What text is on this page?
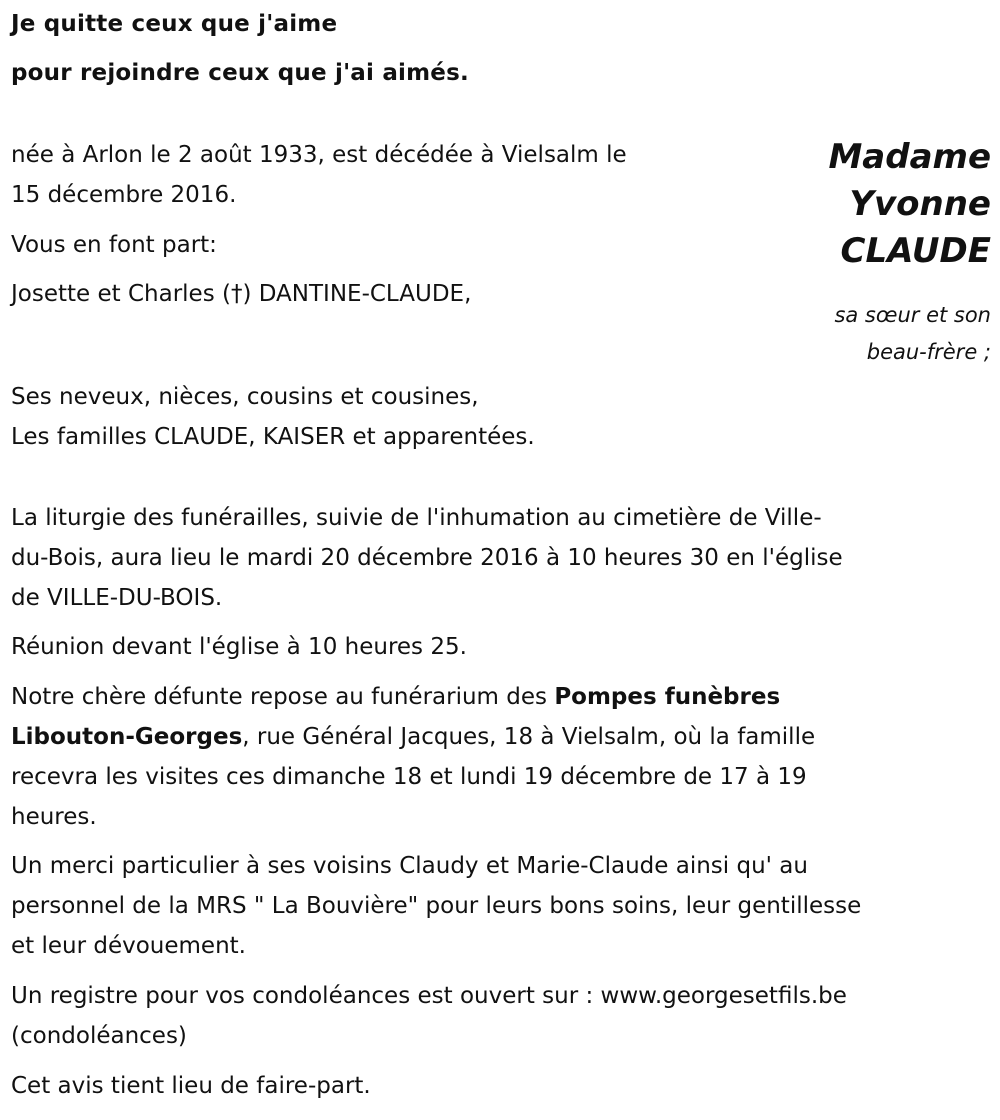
Je quitte ceux que j'aime
pour rejoindre ceux que j'ai aimés.
Madame
Yvonne
CLAUDE
née à Arlon le 2 août 1933, est décédée à Vielsalm le
15 décembre 2016.
Vous en font part:
Josette et Charles (†) DANTINE-CLAUDE,
sa sœur et son
beau-frère ;
Ses neveux, nièces, cousins et cousines,
Les familles CLAUDE, KAISER et apparentées.
La liturgie des funérailles, suivie de l'inhumation au cimetière de Ville-
du-Bois, aura lieu le mardi 20 décembre 2016 à 10 heures 30 en l'église
de VILLE-DU-BOIS.
Réunion devant l'église à 10 heures 25.
Notre chère défunte repose au funérarium des Pompes funèbres
Libouton-Georges, rue Général Jacques, 18 à Vielsalm, où la famille
recevra les visites ces dimanche 18 et lundi 19 décembre de 17 à 19
heures.
Un merci particulier à ses voisins Claudy et Marie-Claude ainsi qu' au
personnel de la MRS " La Bouvière" pour leurs bons soins, leur gentillesse
et leur dévouement.
Un registre pour vos condoléances est ouvert sur : www.georgesetfils.be
(condoléances)
Cet avis tient lieu de faire-part.
